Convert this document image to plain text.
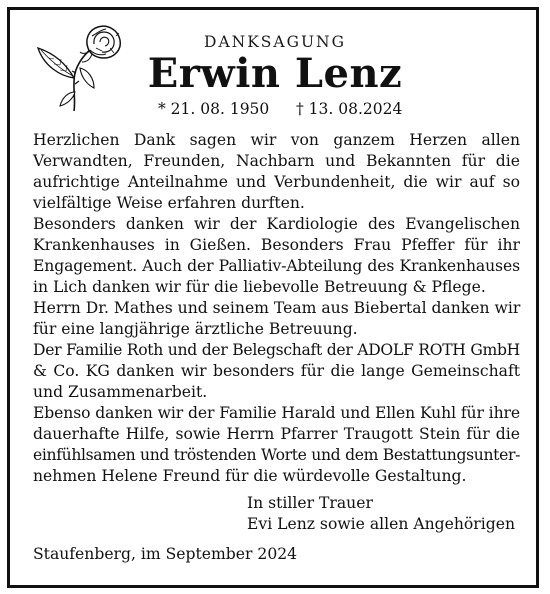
DANKSAGUNG
Erwin Lenz
* 21. 08. 1950 † 13. 08.2024
Herzlichen Dank sagen wir von ganzem Herzen allen
Verwandten, Freunden, Nachbarn und Bekannten für die
aufrichtige Anteilnahme und Verbundenheit, die wir auf so
vielfältige Weise erfahren durften.
Besonders danken wir der Kardiologie des Evangelischen
Krankenhauses in Gießen. Besonders Frau Pfeffer für ihr
Engagement. Auch der Palliativ-Abteilung des Krankenhauses
in Lich danken wir für die liebevolle Betreuung & Pflege.
Herrn Dr. Mathes und seinem Team aus Biebertal danken wir
für eine langjährige ärztliche Betreuung.
Der Familie Roth und der Belegschaft der ADOLF ROTH GmbH
& Co. KG danken wir besonders für die lange Gemeinschaft
und Zusammenarbeit.
Ebenso danken wir der Familie Harald und Ellen Kuhl für ihre
dauerhafte Hilfe, sowie Herrn Pfarrer Traugott Stein für die
einfühlsamen und tröstenden Worte und dem Bestattungsunter-
nehmen Helene Freund für die würdevolle Gestaltung.
In stiller Trauer
Evi Lenz sowie allen Angehörigen
Staufenberg, im September 2024
